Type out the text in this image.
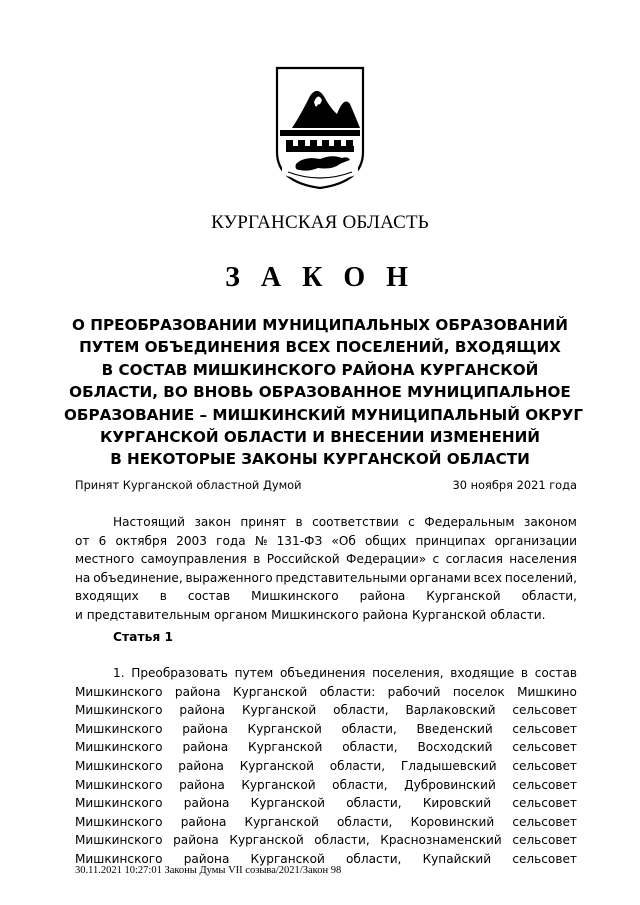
КУРГАНСКАЯ ОБЛАСТЬ
З А К О Н
О ПРЕОБРАЗОВАНИИ МУНИЦИПАЛЬНЫХ ОБРАЗОВАНИЙ
ПУТЕМ ОБЪЕДИНЕНИЯ ВСЕХ ПОСЕЛЕНИЙ, ВХОДЯЩИХ
В СОСТАВ МИШКИНСКОГО РАЙОНА КУРГАНСКОЙ
ОБЛАСТИ, ВО ВНОВЬ ОБРАЗОВАННОЕ МУНИЦИПАЛЬНОЕ
ОБРАЗОВАНИЕ – МИШКИНСКИЙ МУНИЦИПАЛЬНЫЙ ОКРУГ
КУРГАНСКОЙ ОБЛАСТИ И ВНЕСЕНИИ ИЗМЕНЕНИЙ
В НЕКОТОРЫЕ ЗАКОНЫ КУРГАНСКОЙ ОБЛАСТИ
Принят Курганской областной Думой	30 ноября 2021 года
Настоящий закон принят в соответствии с Федеральным законом
от 6 октября 2003 года № 131-ФЗ «Об общих принципах организации
местного самоуправления в Российской Федерации» с согласия населения
на объединение, выраженного представительными органами всех поселений,
входящих в состав Мишкинского района Курганской области,
и представительным органом Мишкинского района Курганской области.
Статья 1
1. Преобразовать путем объединения поселения, входящие в состав
Мишкинского района Курганской области: рабочий поселок Мишкино
Мишкинского района Курганской области, Варлаковский сельсовет
Мишкинского района Курганской области, Введенский сельсовет
Мишкинского района Курганской области, Восходский сельсовет
Мишкинского района Курганской области, Гладышевский сельсовет
Мишкинского района Курганской области, Дубровинский сельсовет
Мишкинского района Курганской области, Кировский сельсовет
Мишкинского района Курганской области, Коровинский сельсовет
Мишкинского района Курганской области, Краснознаменский сельсовет
Мишкинского района Курганской области, Купайский сельсовет
30.11.2021 10:27:01 Законы Думы VII созыва/2021/Закон 98
